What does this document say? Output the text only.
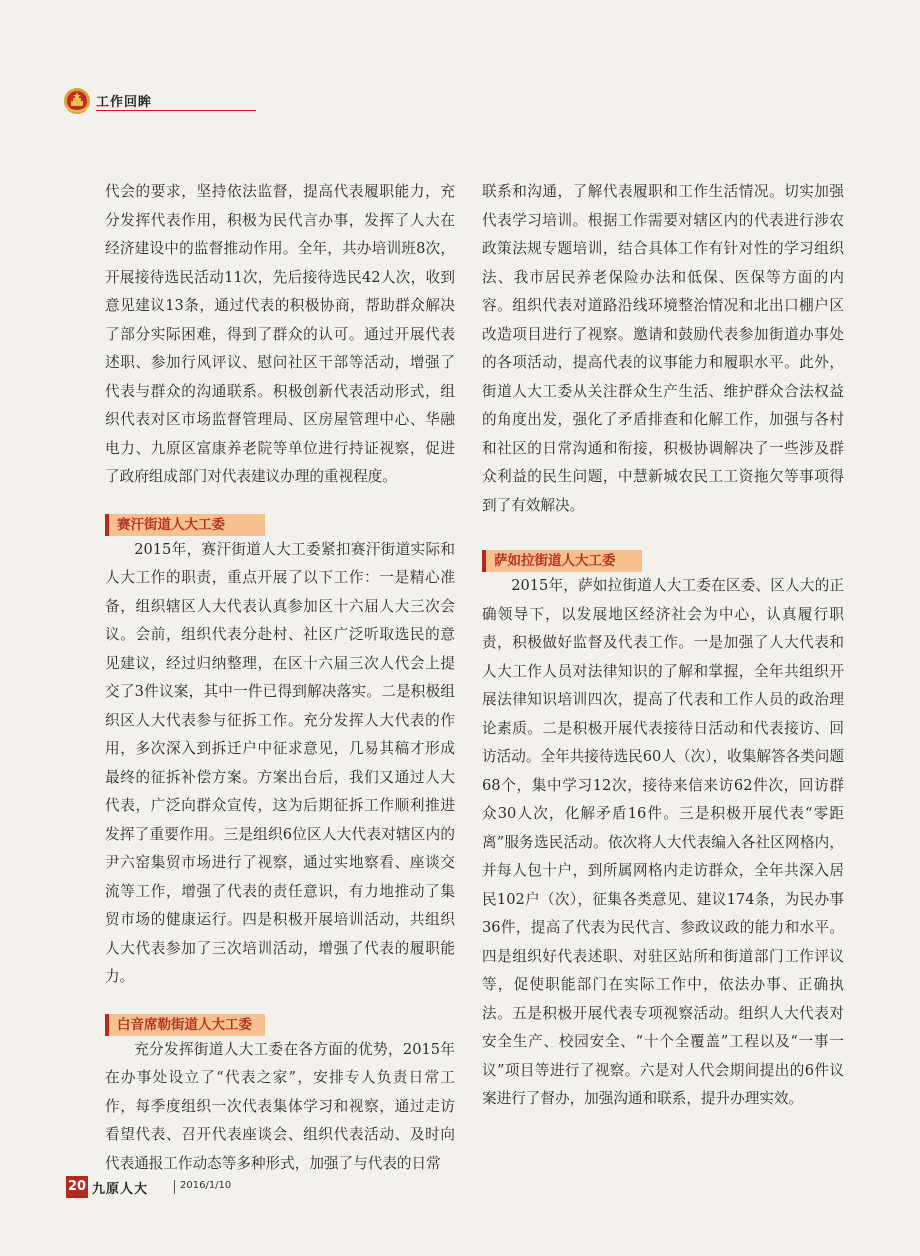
工作回眸

代会的要求，坚持依法监督，提高代表履职能力，充分发挥代表作用，积极为民代言办事，发挥了人大在经济建设中的监督推动作用。全年，共办培训班8次，开展接待选民活动11次，先后接待选民42人次，收到意见建议13条，通过代表的积极协商，帮助群众解决了部分实际困难，得到了群众的认可。通过开展代表述职、参加行风评议、慰问社区干部等活动，增强了代表与群众的沟通联系。积极创新代表活动形式，组织代表对区市场监督管理局、区房屋管理中心、华融电力、九原区富康养老院等单位进行持证视察，促进了政府组成部门对代表建议办理的重视程度。

赛汗街道人大工委

2015年，赛汗街道人大工委紧扣赛汗街道实际和人大工作的职责，重点开展了以下工作：一是精心准备，组织辖区人大代表认真参加区十六届人大三次会议。会前，组织代表分赴村、社区广泛听取选民的意见建议，经过归纳整理，在区十六届三次人代会上提交了3件议案，其中一件已得到解决落实。二是积极组织区人大代表参与征拆工作。充分发挥人大代表的作用，多次深入到拆迁户中征求意见，几易其稿才形成最终的征拆补偿方案。方案出台后，我们又通过人大代表，广泛向群众宣传，这为后期征拆工作顺利推进发挥了重要作用。三是组织6位区人大代表对辖区内的尹六窑集贸市场进行了视察，通过实地察看、座谈交流等工作，增强了代表的责任意识，有力地推动了集贸市场的健康运行。四是积极开展培训活动，共组织人大代表参加了三次培训活动，增强了代表的履职能力。

白音席勒街道人大工委

充分发挥街道人大工委在各方面的优势，2015年在办事处设立了“代表之家”，安排专人负责日常工作，每季度组织一次代表集体学习和视察，通过走访看望代表、召开代表座谈会、组织代表活动、及时向代表通报工作动态等多种形式，加强了与代表的日常

联系和沟通，了解代表履职和工作生活情况。切实加强代表学习培训。根据工作需要对辖区内的代表进行涉农政策法规专题培训，结合具体工作有针对性的学习组织法、我市居民养老保险办法和低保、医保等方面的内容。组织代表对道路沿线环境整治情况和北出口棚户区改造项目进行了视察。邀请和鼓励代表参加街道办事处的各项活动，提高代表的议事能力和履职水平。此外，街道人大工委从关注群众生产生活、维护群众合法权益的角度出发，强化了矛盾排查和化解工作，加强与各村和社区的日常沟通和衔接，积极协调解决了一些涉及群众利益的民生问题，中慧新城农民工工资拖欠等事项得到了有效解决。

萨如拉街道人大工委

2015年，萨如拉街道人大工委在区委、区人大的正确领导下，以发展地区经济社会为中心，认真履行职责，积极做好监督及代表工作。一是加强了人大代表和人大工作人员对法律知识的了解和掌握，全年共组织开展法律知识培训四次，提高了代表和工作人员的政治理论素质。二是积极开展代表接待日活动和代表接访、回访活动。全年共接待选民60人（次），收集解答各类问题68个，集中学习12次，接待来信来访62件次，回访群众30人次，化解矛盾16件。三是积极开展代表“零距离”服务选民活动。依次将人大代表编入各社区网格内，并每人包十户，到所属网格内走访群众，全年共深入居民102户（次），征集各类意见、建议174条，为民办事36件，提高了代表为民代言、参政议政的能力和水平。四是组织好代表述职、对驻区站所和街道部门工作评议等，促使职能部门在实际工作中，依法办事、正确执法。五是积极开展代表专项视察活动。组织人大代表对安全生产、校园安全、“十个全覆盖”工程以及“一事一议”项目等进行了视察。六是对人代会期间提出的6件议案进行了督办，加强沟通和联系，提升办理实效。

20 九原人大	2016/1/10
